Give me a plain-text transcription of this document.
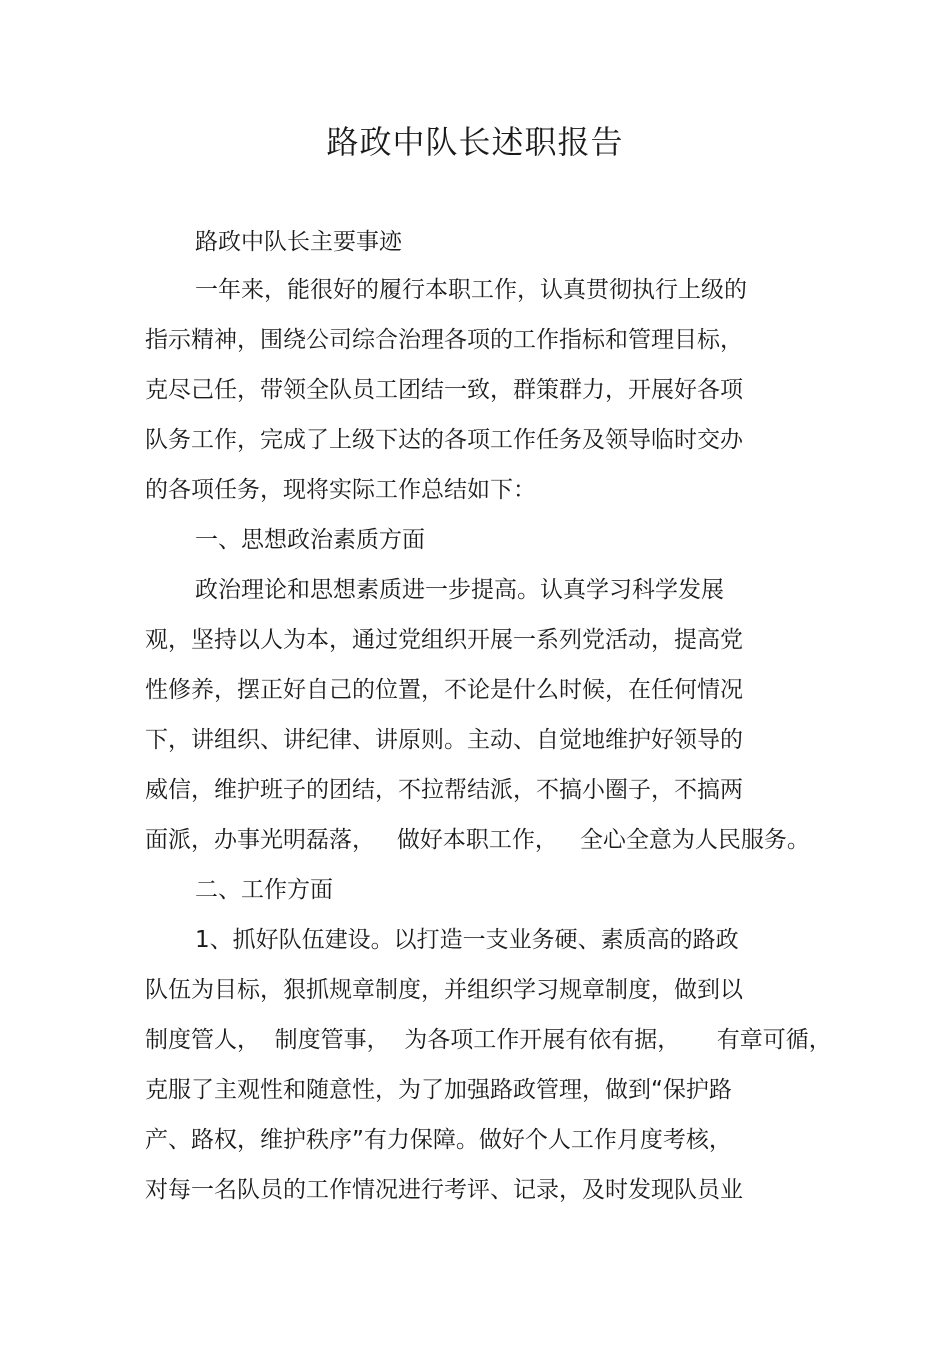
路政中队长述职报告

路政中队长主要事迹

一年来，能很好的履行本职工作，认真贯彻执行上级的

指示精神，围绕公司综合治理各项的工作指标和管理目标，

克尽己任，带领全队员工团结一致，群策群力，开展好各项

队务工作，完成了上级下达的各项工作任务及领导临时交办

的各项任务，现将实际工作总结如下：

一、思想政治素质方面

政治理论和思想素质进一步提高。认真学习科学发展

观，坚持以人为本，通过党组织开展一系列党活动，提高党

性修养，摆正好自己的位置，不论是什么时候，在任何情况

下，讲组织、讲纪律、讲原则。主动、自觉地维护好领导的

威信，维护班子的团结，不拉帮结派，不搞小圈子，不搞两

面派，办事光明磊落，   做好本职工作，   全心全意为人民服务。

二、工作方面

1、抓好队伍建设。以打造一支业务硬、素质高的路政

队伍为目标，狠抓规章制度，并组织学习规章制度，做到以

制度管人，  制度管事，  为各项工作开展有依有据，     有章可循，

克服了主观性和随意性，为了加强路政管理，做到“保护路

产、路权，维护秩序”有力保障。做好个人工作月度考核，

对每一名队员的工作情况进行考评、记录，及时发现队员业
